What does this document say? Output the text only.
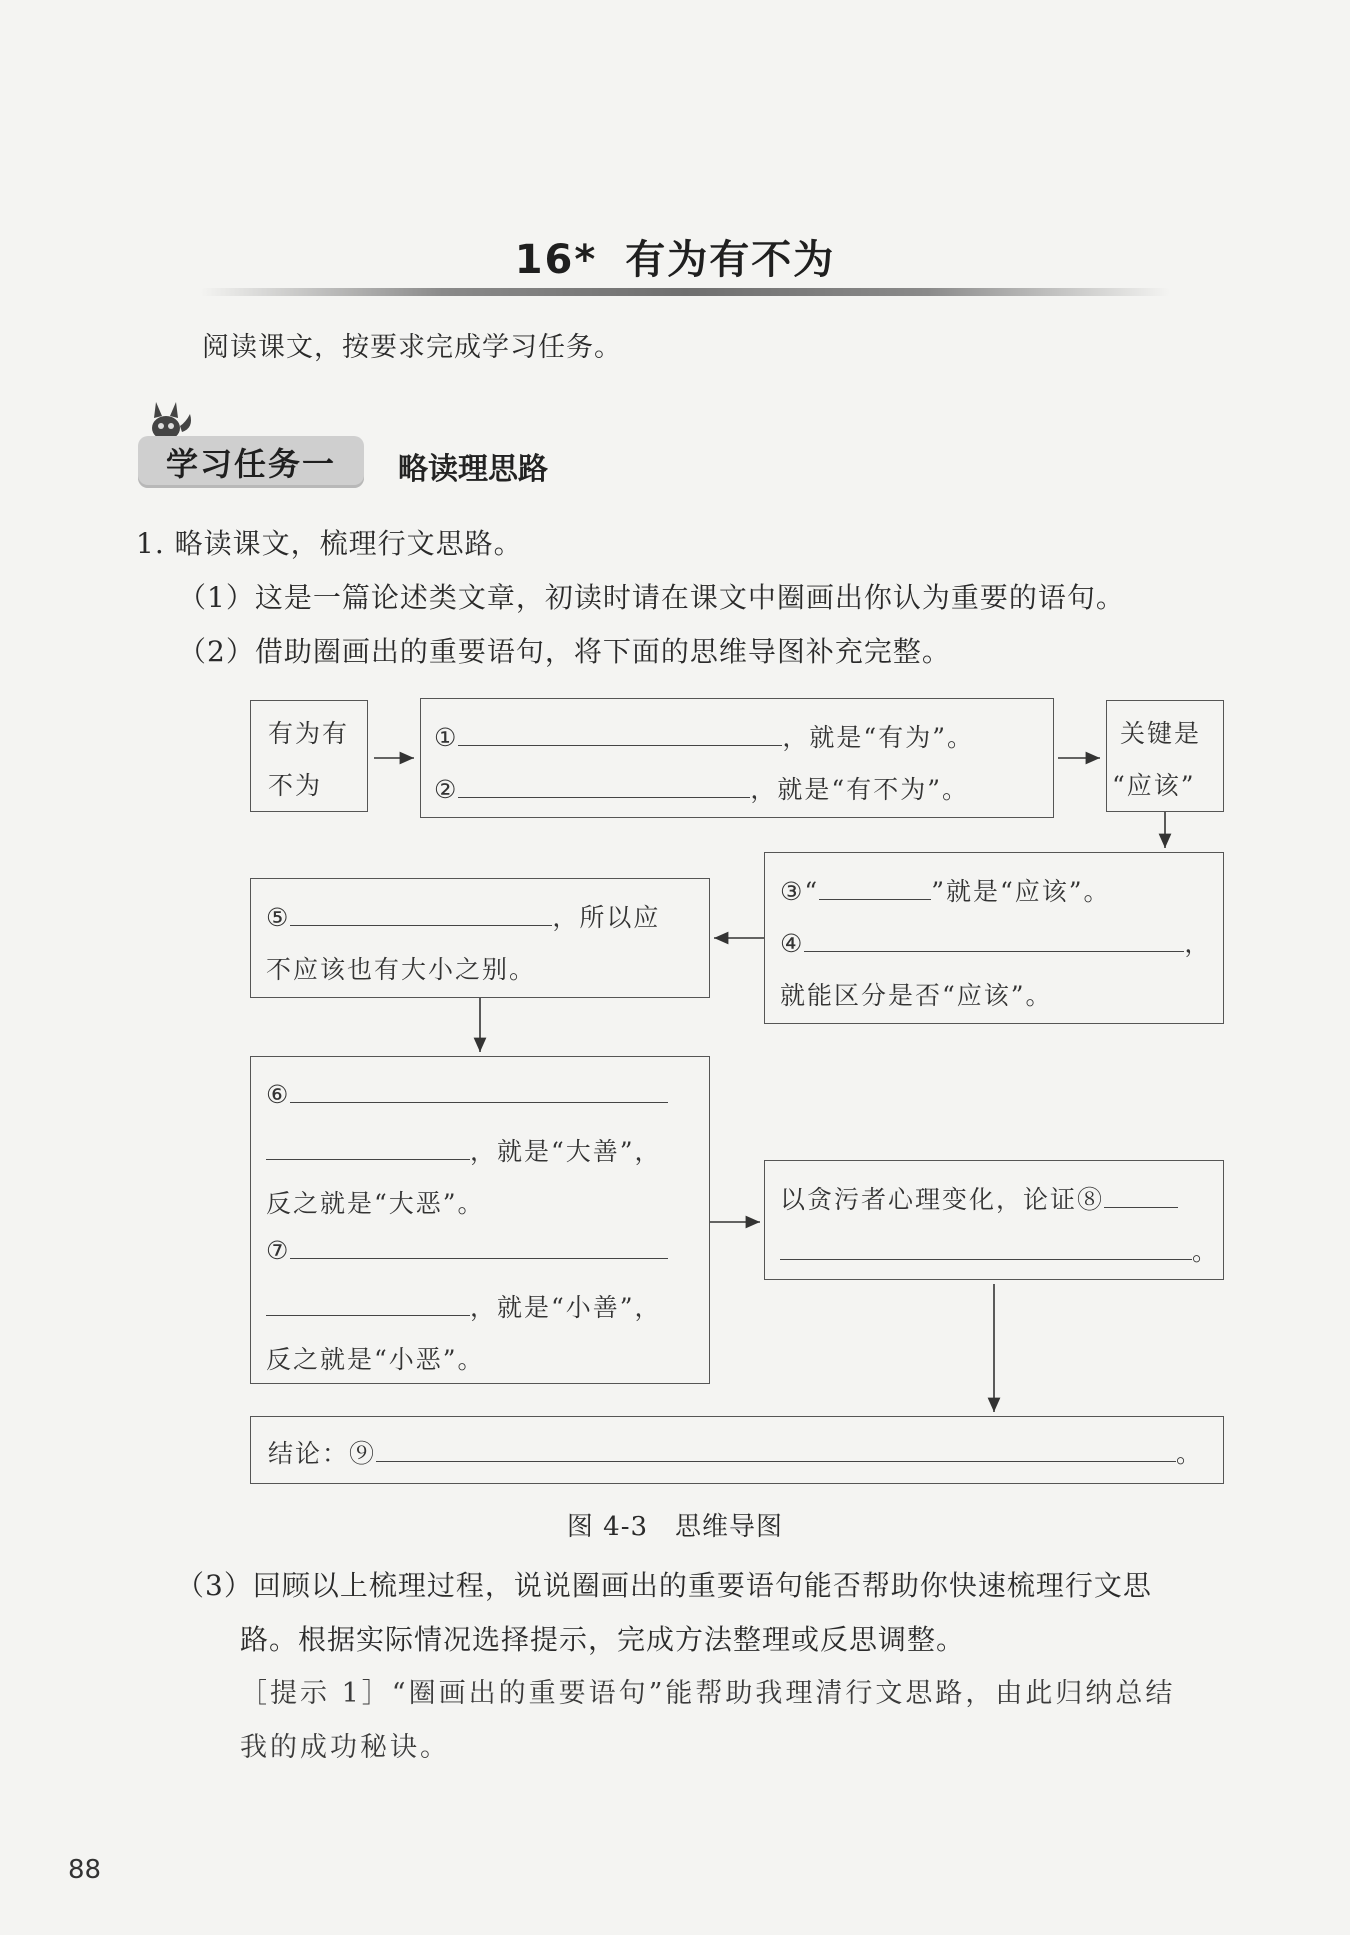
16* 有为有不为
阅读课文，按要求完成学习任务。
学习任务一	略读理思路
1. 略读课文，梳理行文思路。
（1）这是一篇论述类文章，初读时请在课文中圈画出你认为重要的语句。
（2）借助圈画出的重要语句，将下面的思维导图补充完整。
有为有
不为
①	，就是“有为”。
②	，就是“有不为”。
关键是
“应该”
③“	”就是“应该”。
④	，
就能区分是否“应该”。
⑤	，所以应
不应该也有大小之别。
⑥
，就是“大善”，
反之就是“大恶”。
⑦
，就是“小善”，
反之就是“小恶”。
以贪污者心理变化，论证⑧
。
结论：⑨	。
图 4-3　思维导图
（3）回顾以上梳理过程，说说圈画出的重要语句能否帮助你快速梳理行文思
路。根据实际情况选择提示，完成方法整理或反思调整。
［提示 1］“圈画出的重要语句”能帮助我理清行文思路，由此归纳总结
我的成功秘诀。
88
